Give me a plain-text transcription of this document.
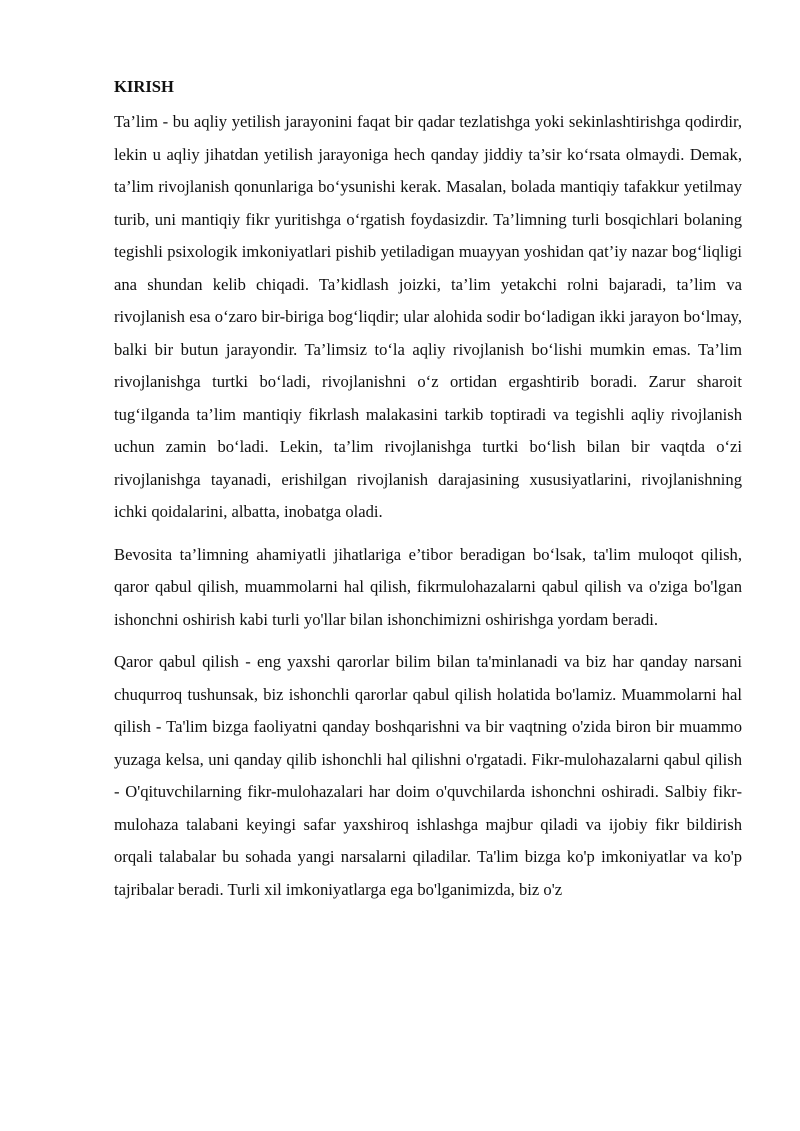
KIRISH

Ta’lim - bu aqliy yetilish jarayonini faqat bir qadar tezlatishga yoki sekinlashtirishga qodirdir, lekin u aqliy jihatdan yetilish jarayoniga hech qanday jiddiy ta’sir ko‘rsata olmaydi. Demak, ta’lim rivojlanish qonunlariga bo‘ysunishi kerak. Masalan, bolada mantiqiy tafakkur yetilmay turib, uni mantiqiy fikr yuritishga o‘rgatish foydasizdir. Ta’limning turli bosqichlari bolaning tegishli psixologik imkoniyatlari pishib yetiladigan muayyan yoshidan qat’iy nazar bog‘liqligi ana shundan kelib chiqadi. Ta’kidlash joizki, ta’lim yetakchi rolni bajaradi, ta’lim va rivojlanish esa o‘zaro bir-biriga bog‘liqdir; ular alohida sodir bo‘ladigan ikki jarayon bo‘lmay, balki bir butun jarayondir. Ta’limsiz to‘la aqliy rivojlanish bo‘lishi mumkin emas. Ta’lim rivojlanishga turtki bo‘ladi, rivojlanishni o‘z ortidan ergashtirib boradi. Zarur sharoit tug‘ilganda ta’lim mantiqiy fikrlash malakasini tarkib toptiradi va tegishli aqliy rivojlanish uchun zamin bo‘ladi. Lekin, ta’lim rivojlanishga turtki bo‘lish bilan bir vaqtda o‘zi rivojlanishga tayanadi, erishilgan rivojlanish darajasining xususiyatlarini, rivojlanishning ichki qoidalarini, albatta, inobatga oladi.

Bevosita ta’limning ahamiyatli jihatlariga e’tibor beradigan bo‘lsak, ta'lim muloqot qilish, qaror qabul qilish, muammolarni hal qilish, fikrmulohazalarni qabul qilish va o'ziga bo'lgan ishonchni oshirish kabi turli yo'llar bilan ishonchimizni oshirishga yordam beradi.

Qaror qabul qilish - eng yaxshi qarorlar bilim bilan ta'minlanadi va biz har qanday narsani chuqurroq tushunsak, biz ishonchli qarorlar qabul qilish holatida bo'lamiz. Muammolarni hal qilish - Ta'lim bizga faoliyatni qanday boshqarishni va bir vaqtning o'zida biron bir muammo yuzaga kelsa, uni qanday qilib ishonchli hal qilishni o'rgatadi. Fikr-mulohazalarni qabul qilish - O'qituvchilarning fikr-mulohazalari har doim o'quvchilarda ishonchni oshiradi. Salbiy fikr-mulohaza talabani keyingi safar yaxshiroq ishlashga majbur qiladi va ijobiy fikr bildirish orqali talabalar bu sohada yangi narsalarni qiladilar. Ta'lim bizga ko'p imkoniyatlar va ko'p tajribalar beradi. Turli xil imkoniyatlarga ega bo'lganimizda, biz o'z
